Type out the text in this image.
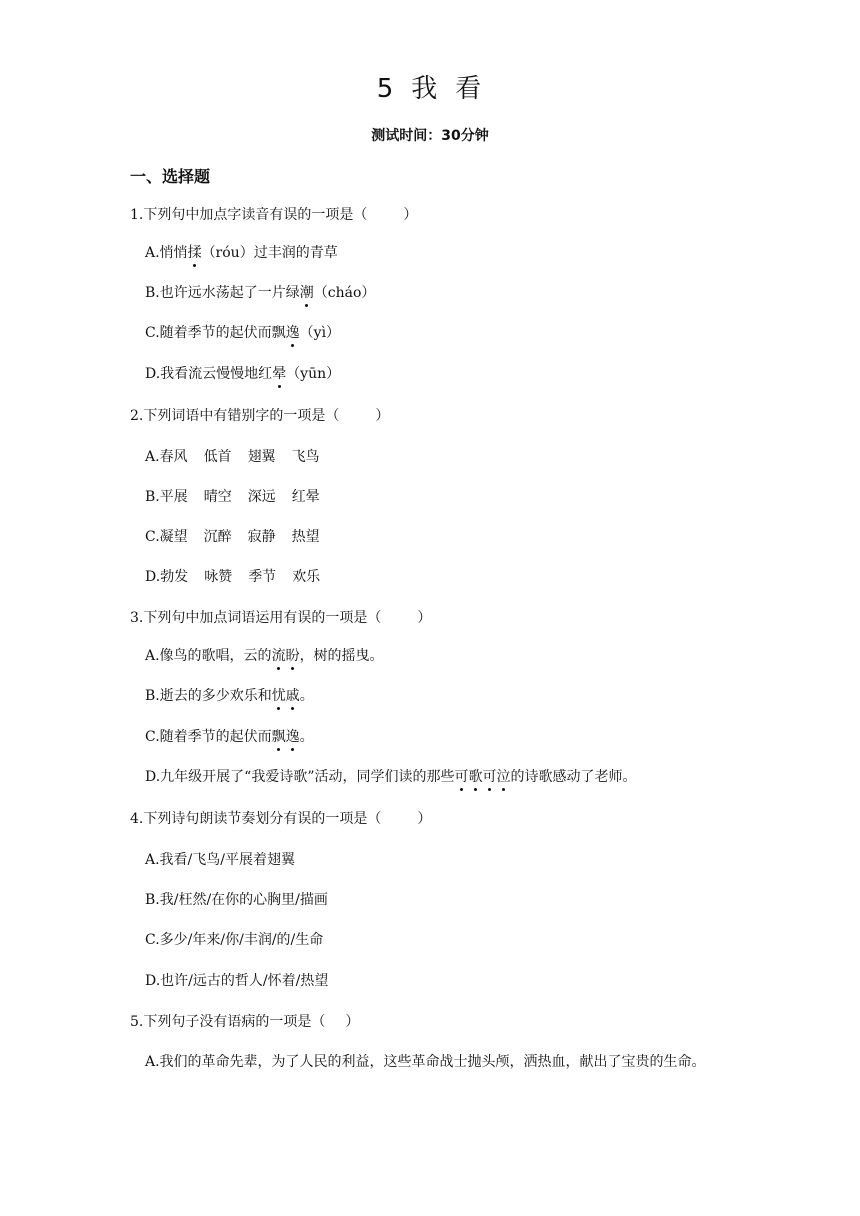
5 我 看
测试时间：30分钟
一、选择题
1.下列句中加点字读音有误的一项是（	）
A.悄悄揉（róu）过丰润的青草
B.也许远水荡起了一片绿潮（cháo）
C.随着季节的起伏而飘逸（yì）
D.我看流云慢慢地红晕（yūn）
2.下列词语中有错别字的一项是（	）
A.春风 低首 翅翼 飞鸟
B.平展 晴空 深远 红晕
C.凝望 沉醉 寂静 热望
D.勃发 咏赞 季节 欢乐
3.下列句中加点词语运用有误的一项是（	）
A.像鸟的歌唱，云的流盼，树的摇曳。
B.逝去的多少欢乐和忧戚。
C.随着季节的起伏而飘逸。
D.九年级开展了“我爱诗歌”活动，同学们读的那些可歌可泣的诗歌感动了老师。
4.下列诗句朗读节奏划分有误的一项是（	）
A.我看/飞鸟/平展着翅翼
B.我/枉然/在你的心胸里/描画
C.多少/年来/你/丰润/的/生命
D.也许/远古的哲人/怀着/热望
5.下列句子没有语病的一项是（ ）
A.我们的革命先辈，为了人民的利益，这些革命战士抛头颅，洒热血，献出了宝贵的生命。
